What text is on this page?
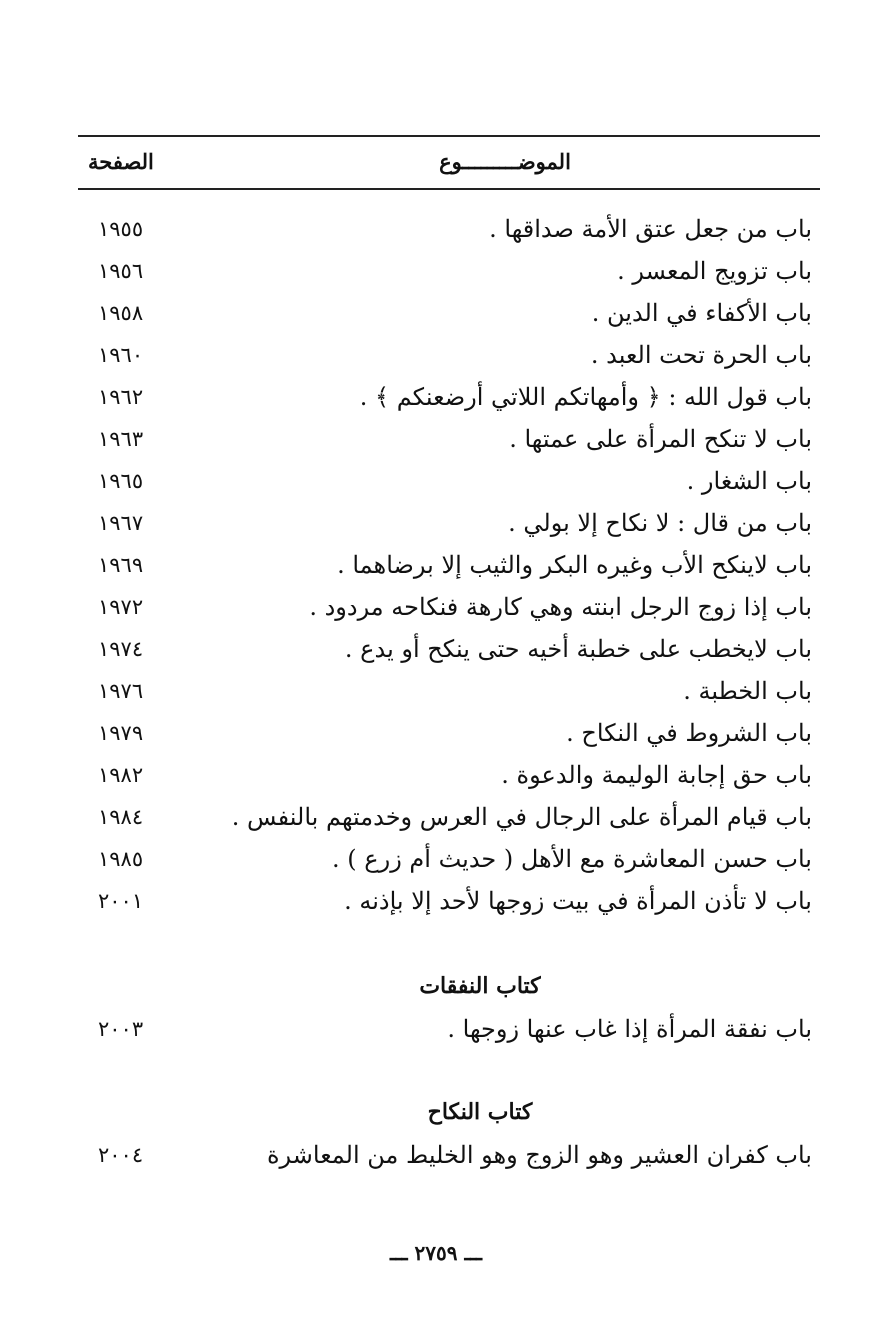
الصفحة	الموضـــــــــوع
باب من جعل عتق الأمة صداقها .
١٩٥٥
باب تزويج المعسر .
١٩٥٦
باب الأكفاء في الدين .
١٩٥٨
باب الحرة تحت العبد .
١٩٦٠
باب قول الله : ﴿ وأمهاتكم اللاتي أرضعنكم ﴾ .
١٩٦٢
باب لا تنكح المرأة على عمتها .
١٩٦٣
باب الشغار .
١٩٦٥
باب من قال : لا نكاح إلا بولي .
١٩٦٧
باب لاينكح الأب وغيره البكر والثيب إلا برضاهما .
١٩٦٩
باب إذا زوج الرجل ابنته وهي كارهة فنكاحه مردود .
١٩٧٢
باب لايخطب على خطبة أخيه حتى ينكح أو يدع .
١٩٧٤
باب الخطبة .
١٩٧٦
باب الشروط في النكاح .
١٩٧٩
باب حق إجابة الوليمة والدعوة .
١٩٨٢
باب قيام المرأة على الرجال في العرس وخدمتهم بالنفس .
١٩٨٤
باب حسن المعاشرة مع الأهل ( حديث أم زرع ) .
١٩٨٥
باب لا تأذن المرأة في بيت زوجها لأحد إلا بإذنه .
٢٠٠١
كتاب النفقات
باب نفقة المرأة إذا غاب عنها زوجها .
٢٠٠٣
كتاب النكاح
باب كفران العشير وهو الزوج وهو الخليط من المعاشرة
٢٠٠٤
ـــ ٢٧٥٩ ـــ
